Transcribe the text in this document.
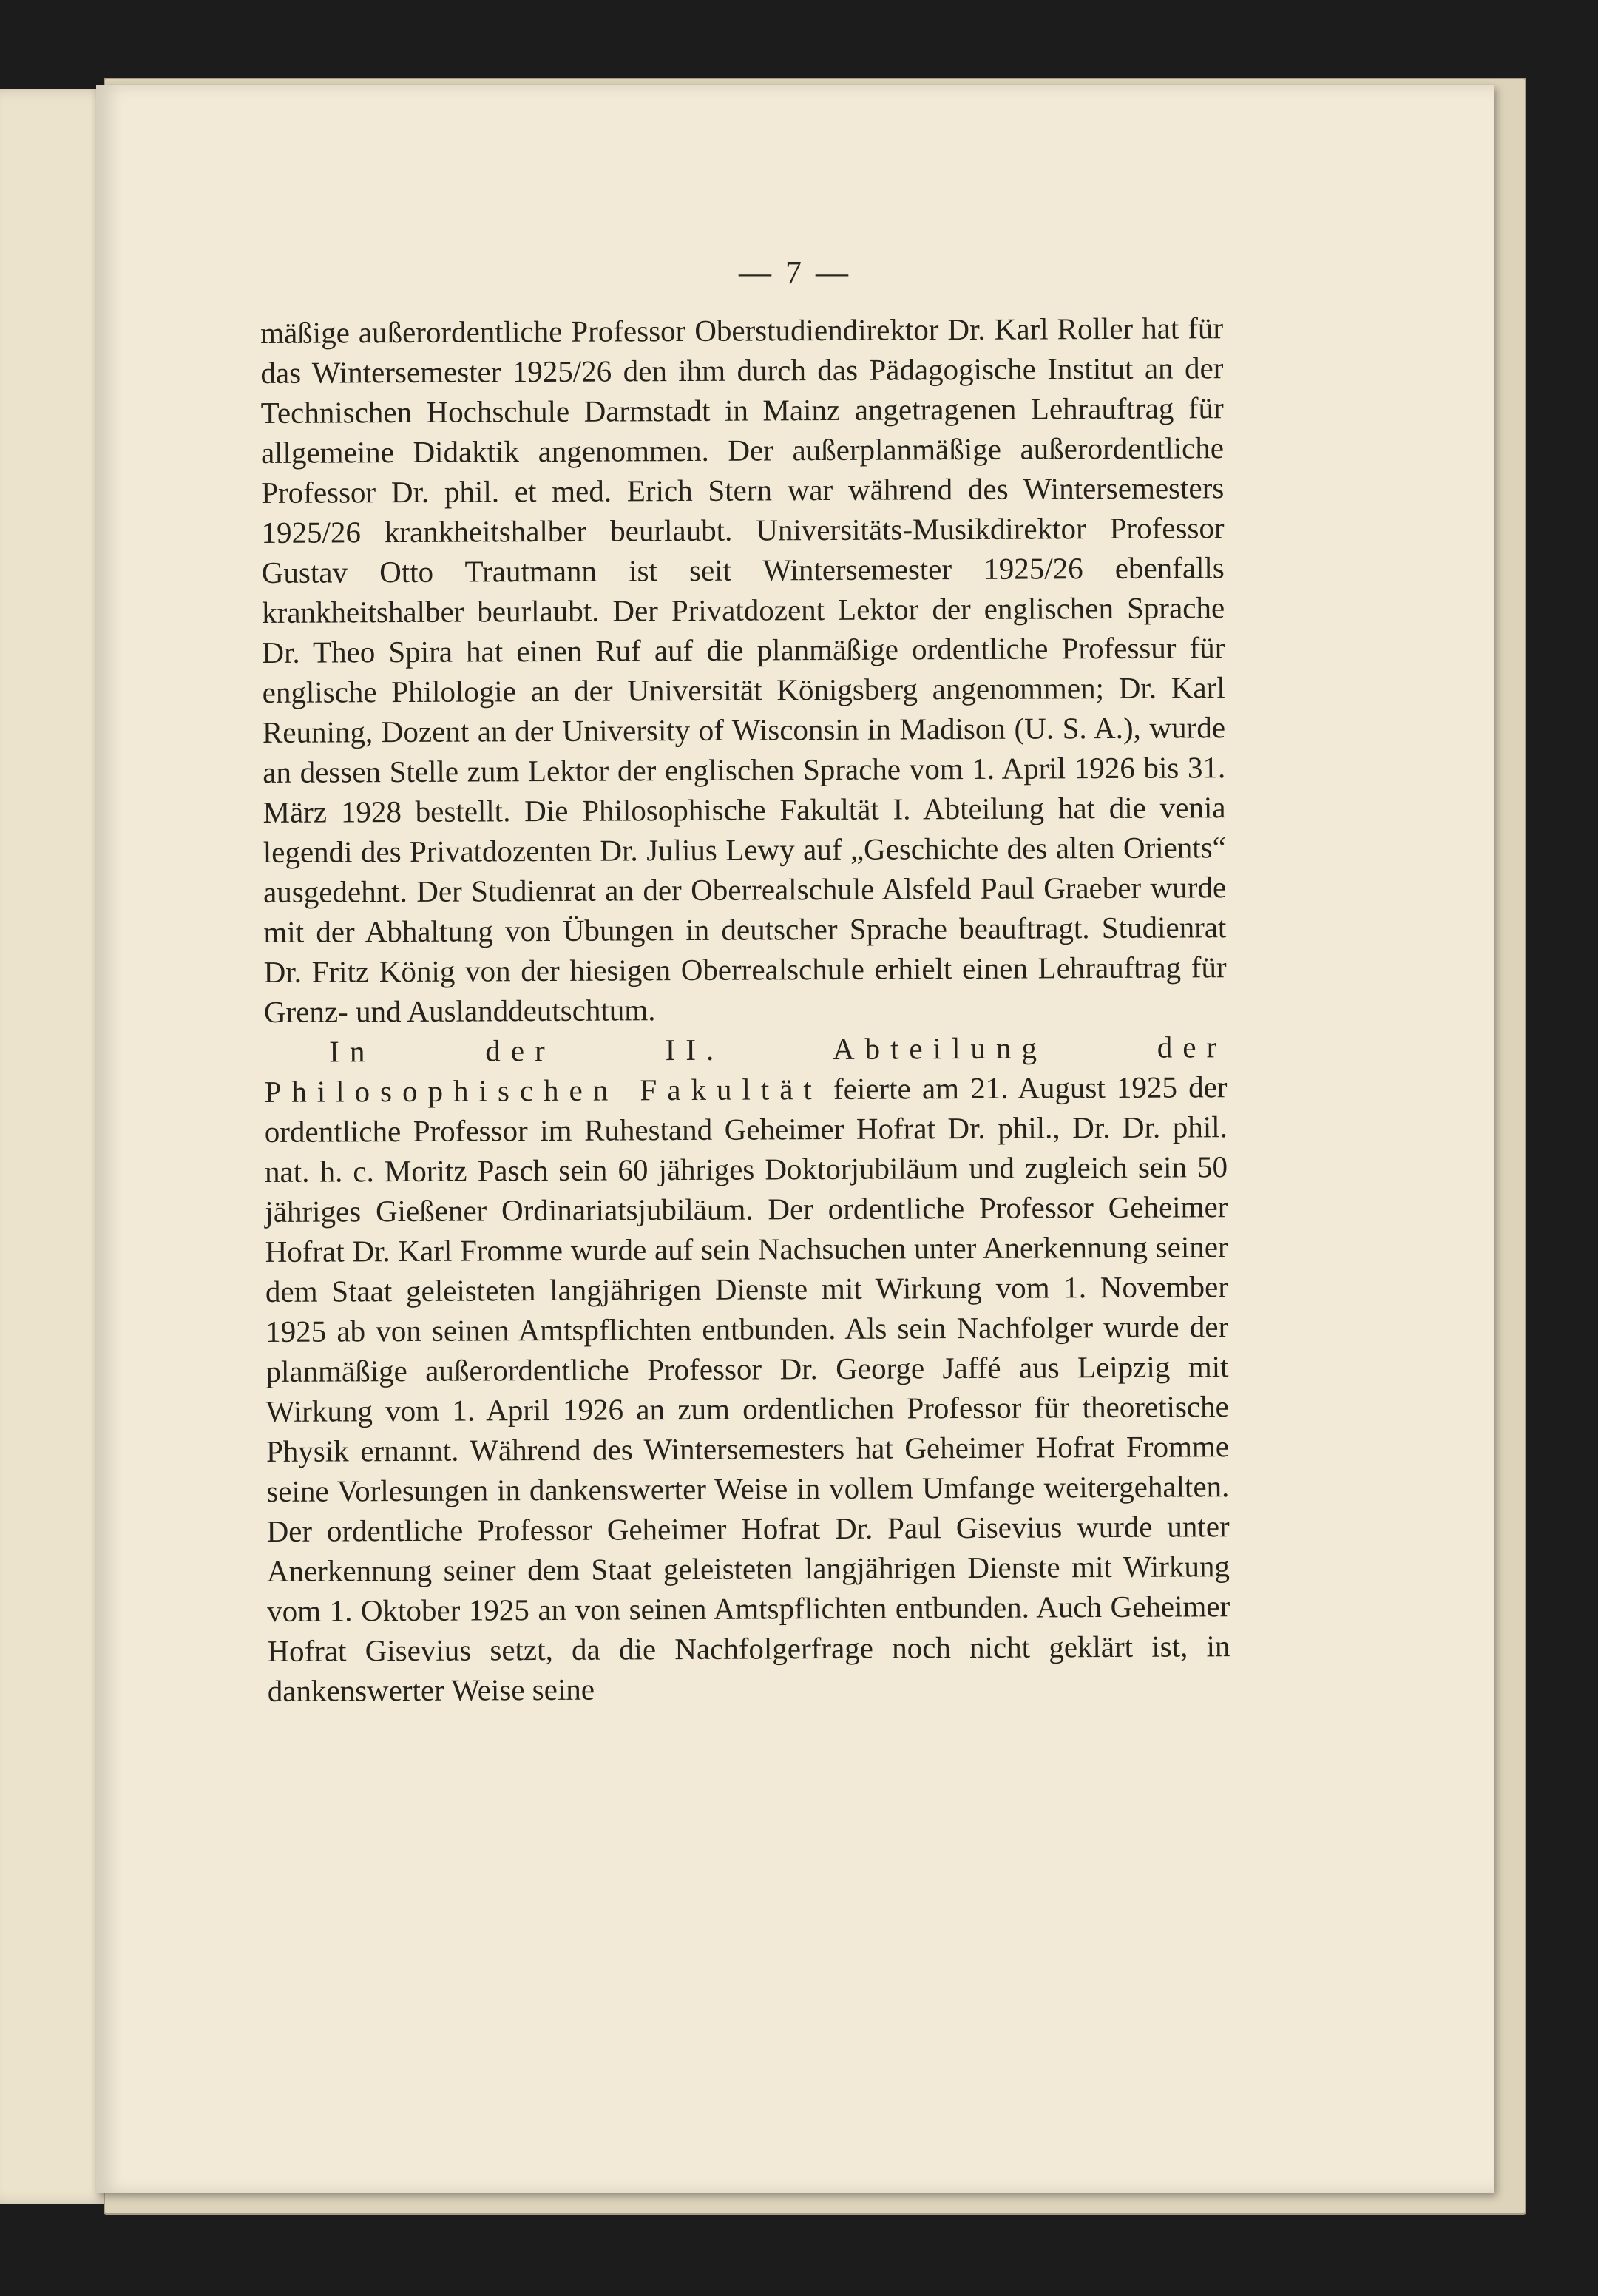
— 7 —

mäßige außerordentliche Professor Oberstudiendirektor Dr. Karl Roller hat für das Wintersemester 1925/26 den ihm durch das Pädagogische Institut an der Technischen Hochschule Darmstadt in Mainz angetragenen Lehrauftrag für allgemeine Didaktik angenommen. Der außerplanmäßige außerordentliche Professor Dr. phil. et med. Erich Stern war während des Wintersemesters 1925/26 krankheitshalber beurlaubt. Universitäts-Musikdirektor Professor Gustav Otto Trautmann ist seit Wintersemester 1925/26 ebenfalls krankheitshalber beurlaubt. Der Privatdozent Lektor der englischen Sprache Dr. Theo Spira hat einen Ruf auf die planmäßige ordentliche Professur für englische Philologie an der Universität Königsberg angenommen; Dr. Karl Reuning, Dozent an der University of Wisconsin in Madison (U. S. A.), wurde an dessen Stelle zum Lektor der englischen Sprache vom 1. April 1926 bis 31. März 1928 bestellt. Die Philosophische Fakultät I. Abteilung hat die venia legendi des Privatdozenten Dr. Julius Lewy auf „Geschichte des alten Orients“ ausgedehnt. Der Studienrat an der Oberrealschule Alsfeld Paul Graeber wurde mit der Abhaltung von Übungen in deutscher Sprache beauftragt. Studienrat Dr. Fritz König von der hiesigen Oberrealschule erhielt einen Lehrauftrag für Grenz- und Auslanddeutschtum.

In der II. Abteilung der Philosophischen Fakultät feierte am 21. August 1925 der ordentliche Professor im Ruhestand Geheimer Hofrat Dr. phil., Dr. Dr. phil. nat. h. c. Moritz Pasch sein 60 jähriges Doktorjubiläum und zugleich sein 50 jähriges Gießener Ordinariatsjubiläum. Der ordentliche Professor Geheimer Hofrat Dr. Karl Fromme wurde auf sein Nachsuchen unter Anerkennung seiner dem Staat geleisteten langjährigen Dienste mit Wirkung vom 1. November 1925 ab von seinen Amtspflichten entbunden. Als sein Nachfolger wurde der planmäßige außerordentliche Professor Dr. George Jaffé aus Leipzig mit Wirkung vom 1. April 1926 an zum ordentlichen Professor für theoretische Physik ernannt. Während des Wintersemesters hat Geheimer Hofrat Fromme seine Vorlesungen in dankenswerter Weise in vollem Umfange weitergehalten. Der ordentliche Professor Geheimer Hofrat Dr. Paul Gisevius wurde unter Anerkennung seiner dem Staat geleisteten langjährigen Dienste mit Wirkung vom 1. Oktober 1925 an von seinen Amtspflichten entbunden. Auch Geheimer Hofrat Gisevius setzt, da die Nachfolgerfrage noch nicht geklärt ist, in dankenswerter Weise seine
